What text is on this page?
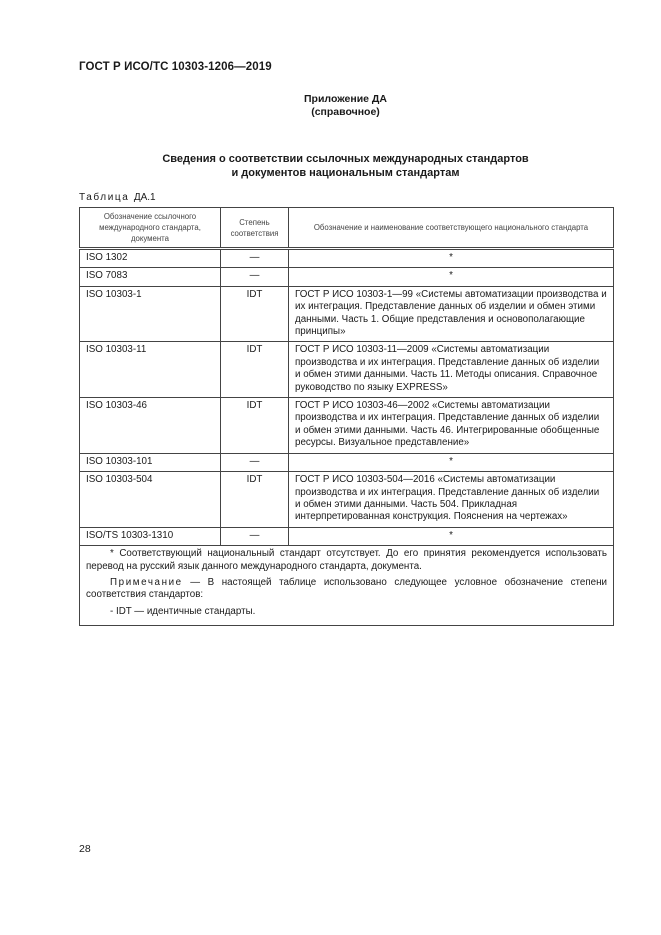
ГОСТ Р ИСО/ТС 10303-1206—2019
Приложение ДА
(справочное)
Сведения о соответствии ссылочных международных стандартов
и документов национальным стандартам
Таблица ДА.1
Обозначение ссылочного международного стандарта, документа	Степень соответствия	Обозначение и наименование соответствующего национального стандарта
ISO 1302	—	*
ISO 7083	—	*
ISO 10303-1	IDT	ГОСТ Р ИСО 10303-1—99 «Системы автоматизации производства и их интеграция. Представление данных об изделии и обмен этими данными. Часть 1. Общие представления и основополагающие принципы»
ISO 10303-11	IDT	ГОСТ Р ИСО 10303-11—2009 «Системы автоматизации производства и их интеграция. Представление данных об изделии и обмен этими данными. Часть 11. Методы описания. Справочное руководство по языку EXPRESS»
ISO 10303-46	IDT	ГОСТ Р ИСО 10303-46—2002 «Системы автоматизации производства и их интеграция. Представление данных об изделии и обмен этими данными. Часть 46. Интегрированные обобщенные ресурсы. Визуальное представление»
ISO 10303-101	—	*
ISO 10303-504	IDT	ГОСТ Р ИСО 10303-504—2016 «Системы автоматизации производства и их интеграция. Представление данных об изделии и обмен этими данными. Часть 504. Прикладная интерпретированная конструкция. Пояснения на чертежах»
ISO/TS 10303-1310	—	*

* Соответствующий национальный стандарт отсутствует. До его принятия рекомендуется использовать перевод на русский язык данного международного стандарта, документа.

Примечание — В настоящей таблице использовано следующее условное обозначение степени соответствия стандартов:

- IDT — идентичные стандарты.		

28
